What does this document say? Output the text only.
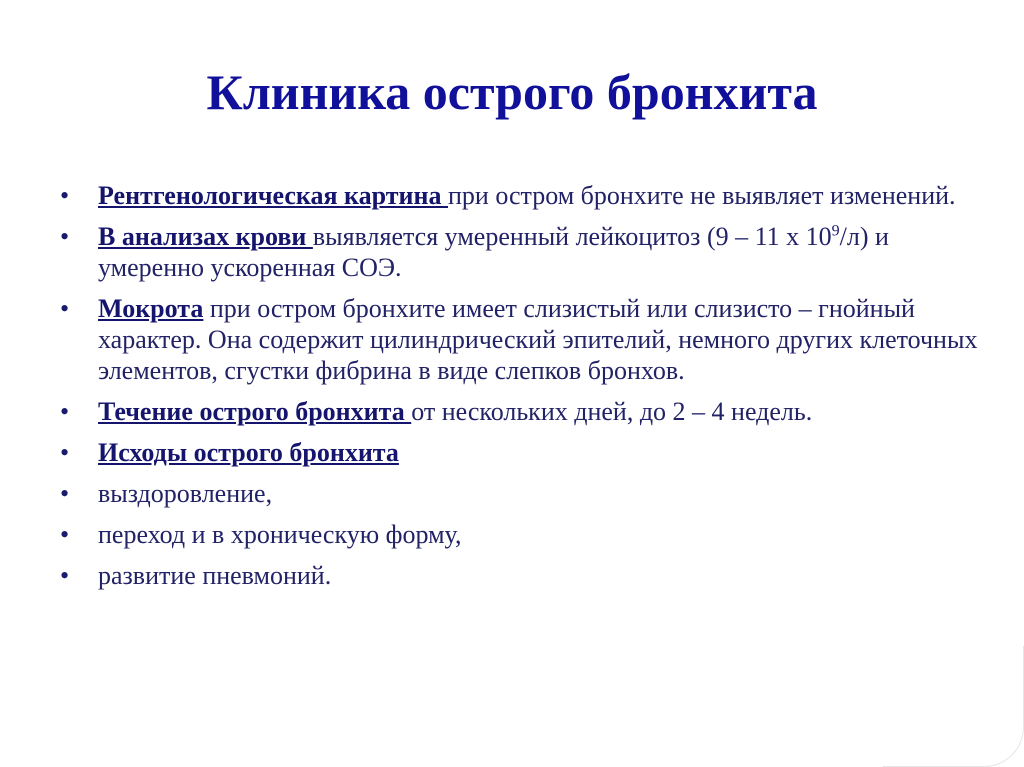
Клиника острого бронхита
•	Рентгенологическая картина при остром бронхите не выявляет изменений.
•	В анализах крови выявляется умеренный лейкоцитоз (9 – 11 х $10^9/л$) и умеренно ускоренная СОЭ.
•	Мокрота при остром бронхите имеет слизистый или слизисто – гнойный характер. Она содержит цилиндрический эпителий, немного других клеточных элементов, сгустки фибрина в виде слепков бронхов.
•	Течение острого бронхита от нескольких дней, до 2 – 4 недель.
•	Исходы острого бронхита
•	выздоровление,
•	переход и в хроническую форму,
•	развитие пневмоний.
